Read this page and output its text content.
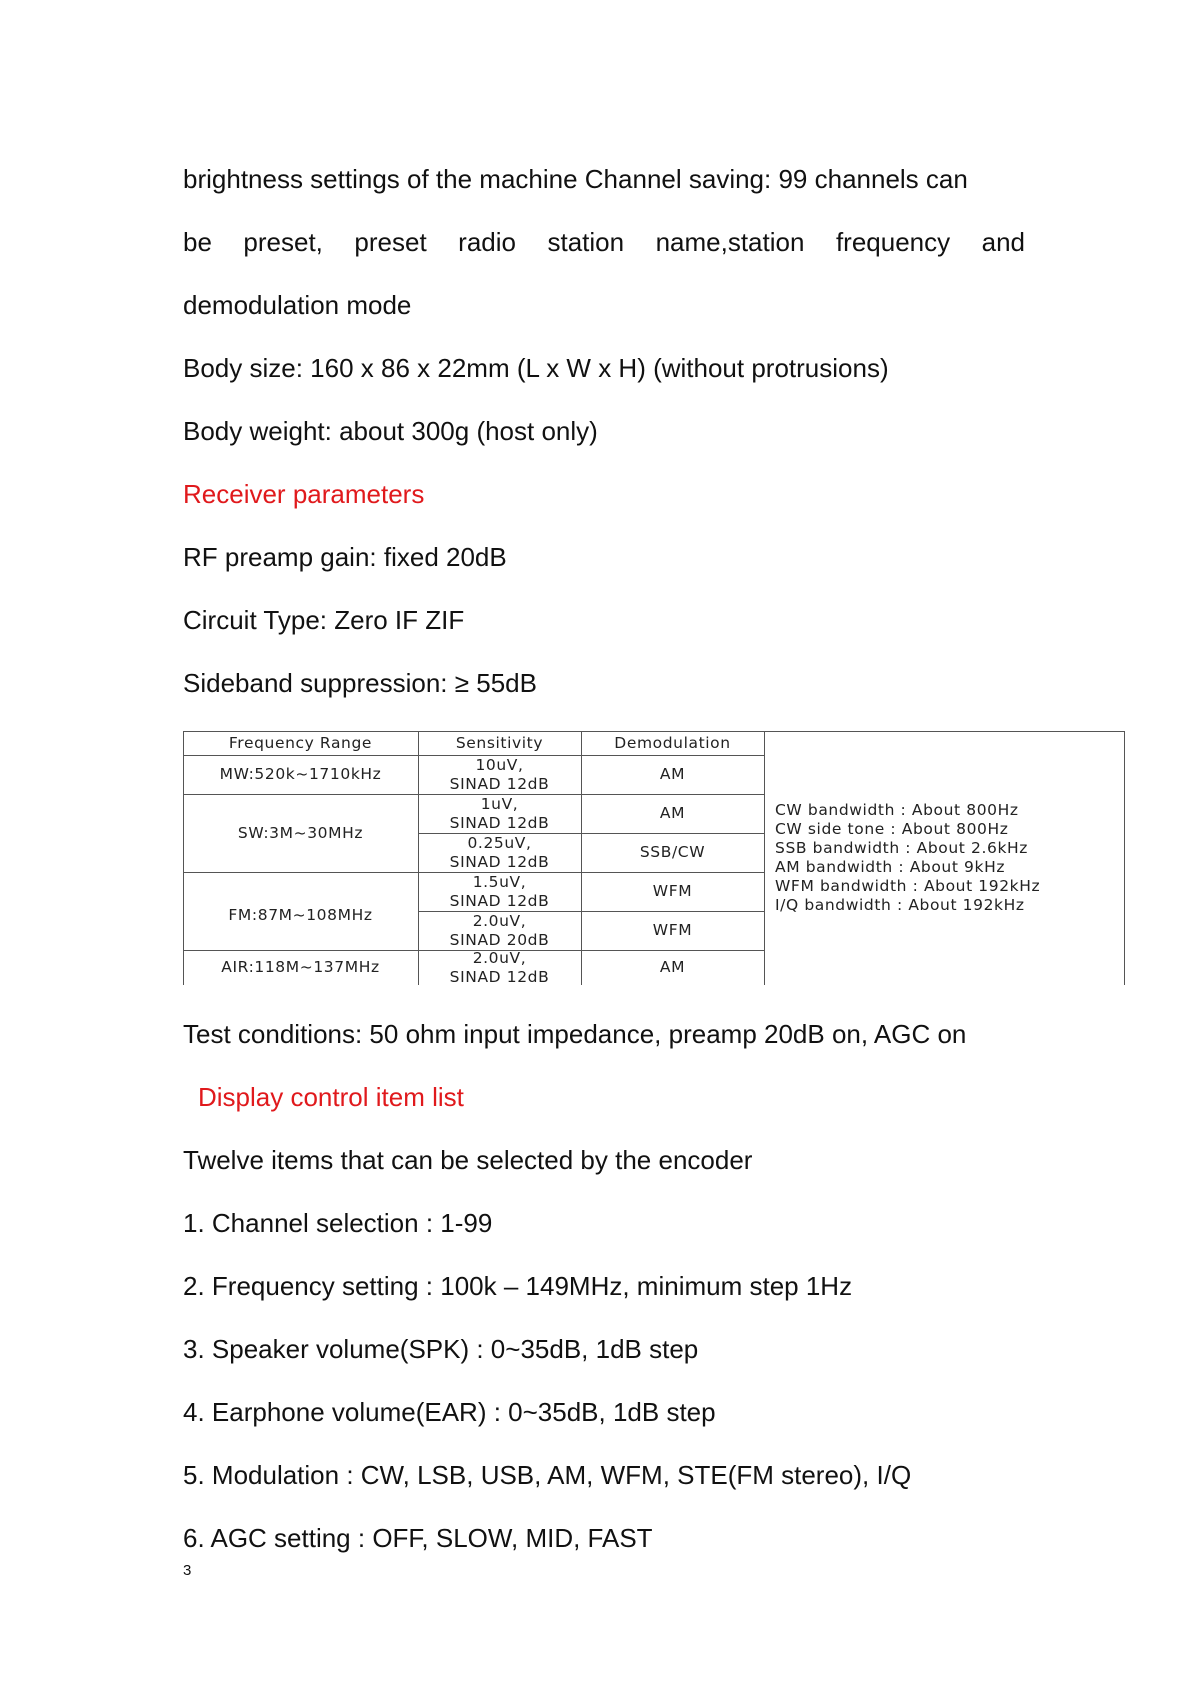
brightness settings of the machine Channel saving: 99 channels can
be preset, preset radio station name,station frequency and
demodulation mode
Body size: 160 x 86 x 22mm (L x W x H) (without protrusions)
Body weight: about 300g (host only)
Receiver parameters
RF preamp gain: fixed 20dB
Circuit Type: Zero IF ZIF
Sideband suppression: ≥ 55dB
Frequency Range	Sensitivity	Demodulation
MW:520k~1710kHz
SW:3M~30MHz
FM:87M~108MHz
AIR:118M~137MHz
10uV,
SINAD 12dB
AM
1uV,
SINAD 12dB
AM
0.25uV,
SINAD 12dB
SSB/CW
1.5uV,
SINAD 12dB
WFM
2.0uV,
SINAD 20dB
WFM
2.0uV,
SINAD 12dB
AM
CW bandwidth : About 800Hz
CW side tone : About 800Hz
SSB bandwidth : About 2.6kHz
AM bandwidth : About 9kHz
WFM bandwidth : About 192kHz
I/Q bandwidth : About 192kHz
Test conditions: 50 ohm input impedance, preamp 20dB on, AGC on
Display control item list
Twelve items that can be selected by the encoder
1. Channel selection : 1-99
2. Frequency setting : 100k – 149MHz, minimum step 1Hz
3. Speaker volume(SPK) : 0~35dB, 1dB step
4. Earphone volume(EAR) : 0~35dB, 1dB step
5. Modulation : CW, LSB, USB, AM, WFM, STE(FM stereo), I/Q
6. AGC setting : OFF, SLOW, MID, FAST
3
